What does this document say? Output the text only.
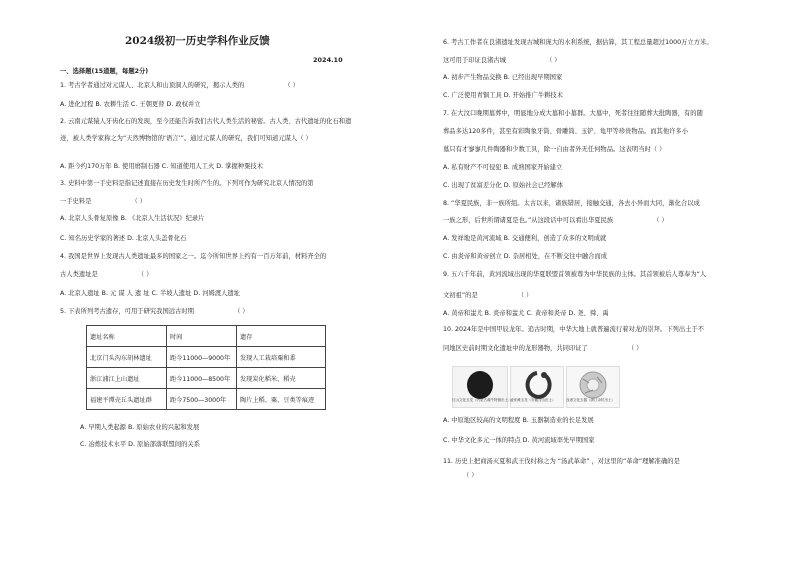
2024级初一历史学科作业反馈
2024.10
一、选择题(15道题，每题2分)
1. 考古学者通过对元谋人、北京人和山顶洞人的研究，揭示人类的	（ ）
A. 进化过程 B. 农耕生活 C. 王朝更替 D. 政权并立
2. 云南元谋猿人牙齿化石的发现，至今还能告诉我们古代人类生活的秘密。古人类、古代遗址的化石和遗
迹，被人类学家称之为“天然博物馆的‘语言’”。通过元谋人的研究，我们可知道元谋人（ ）
A. 距今约170万年 B. 使用磨制石器 C. 知道使用人工火 D. 掌握种粟技术
3. 史料中第一手史料是指记述直接在历史发生时所产生的。下列可作为研究北京人情况的第
一手史料是	（ ）
A. 北京人头骨复原像 B. 《北京人生活状况》纪录片
C. 知名历史学家的著述 D. 北京人头盖骨化石
4. 我国是世界上发现古人类遗址最多的国家之一。迄今所知世界上约有一百万年前，材料齐全的
古人类遗址是	（ ）
A. 北京人遗址 B. 元 谋 人 遗 址 C. 半坡人遗址 D. 河姆渡人遗址
5. 下表所列考古遗存，可用于研究我国远古时期	（ ）
A. 早期人类起源 B. 原始农业的兴起和发展
C. 冶炼技术水平 D. 原始部落联盟间的关系
遗址名称	时间	遗存
北京门头沟东胡林遗址	距今11000—9000年	发现人工栽培粟和黍
浙江浦江上山遗址	距今11000—8500年	发现炭化稻米、稻壳
福建平潭壳丘头遗址群	距今7500—3000年	陶片上稻、粟、豆类等痕迹
6. 考古工作者在良渚遗址发现古城和庞大的水利系统，据估算，其工程总量超过1000万立方米。
这可用于印证良渚古城	（ ）
A. 初步产生物品交换 B. 已经出现早期国家
C. 广泛使用青铜工具 D. 开始推广牛耕技术
7. 在大汶口晚期墓葬中，明显地分成大墓和小墓群。大墓中，死者往往随葬大批陶器，有的随
葬品多达120多件，甚至有彩陶象牙筒、骨雕筒、玉铲、龟甲等珍贵物品。而其他许多小
墓只有才寥寥几件陶器和少数工具，除一自由者外无任何物品。这表明当时（ ）
A. 私有财产不可侵犯 B. 成熟国家开始建立
C. 出现了贫富差分化 D. 原始社会已经解体
8. “华夏民族，非一族所组。太古以来，诸族错居，接触交通，各去小异而大同，渐化合以成
一族之形，后世所谓诸夏是也。”从这段话中可以看出华夏民族	（ ）
A. 发祥地是黄河流域 B. 交通便利，创造了众多的文明成就
C. 由炎帝和黄帝创立 D. 杂居相处，在不断交往中融合而成
9. 五六千年前，黄河流域出现的华夏联盟首领被尊为中华民族的主体。其首领被后人尊奉为“人
文初祖”的是	（ ）
A. 黄帝和蚩尤 B. 炎帝和蚩尤 C. 黄帝和炎帝 D. 尧、舜、禹
10. 2024年是中国甲辰龙年。追古时期，中华大地上就普遍流行着对龙的崇拜。下列出土于不
同地区史前时期文化遗址中的龙形器物，共同印证了	（ ）
A. 中原地区较高的文明程度 B. 玉器制造业的长足发展
C. 中华文化多元一体的特点 D. 黄河流域率先早期国家
11. 历史上把商汤灭夏和武王伐纣称之为 “汤武革命” ，对这里的“革命”理解准确的是
（ ）
红山文化玉龙（内蒙古翁牛特旗出土）
凌家滩玉龙（安徽含山出土）	良渚文化玉器（浙江余杭出土）
